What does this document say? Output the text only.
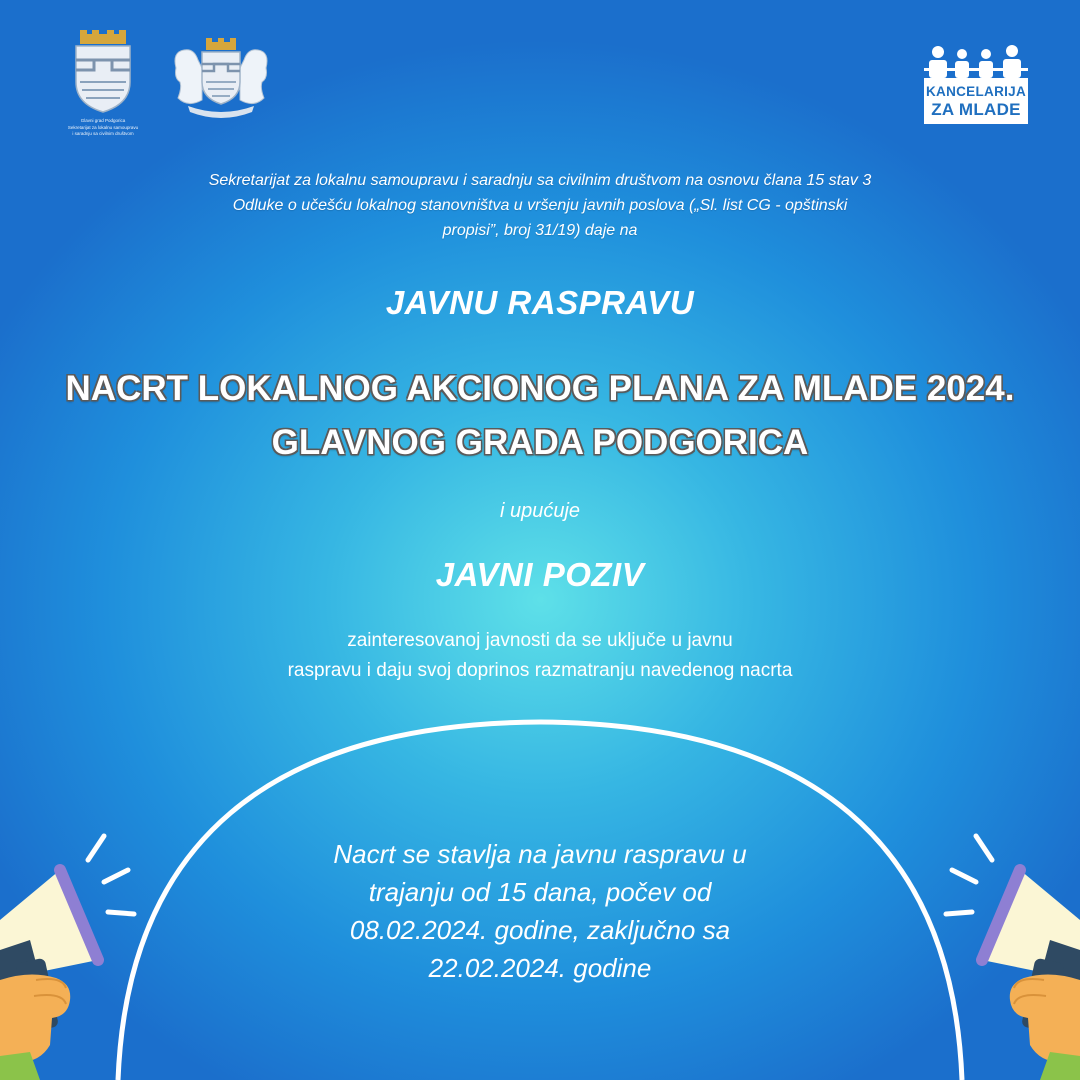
Glavni grad Podgorica
Sekretarijat za lokalnu samoupravu
i saradnju sa civilnim društvom
KANCELARIJA
ZA MLADE
Sekretarijat za lokalnu samoupravu i saradnju sa civilnim društvom na osnovu člana 15 stav 3
Odluke o učešću lokalnog stanovništva u vršenju javnih poslova („Sl. list CG - opštinski
propisi”, broj 31/19) daje na
JAVNU RASPRAVU
NACRT LOKALNOG AKCIONOG PLANA ZA MLADE 2024.
GLAVNOG GRADA PODGORICA
i upućuje
JAVNI POZIV
zainteresovanoj javnosti da se uključe u javnu
raspravu i daju svoj doprinos razmatranju navedenog nacrta
Nacrt se stavlja na javnu raspravu u
trajanju od 15 dana, počev od
08.02.2024. godine, zaključno sa
22.02.2024. godine
